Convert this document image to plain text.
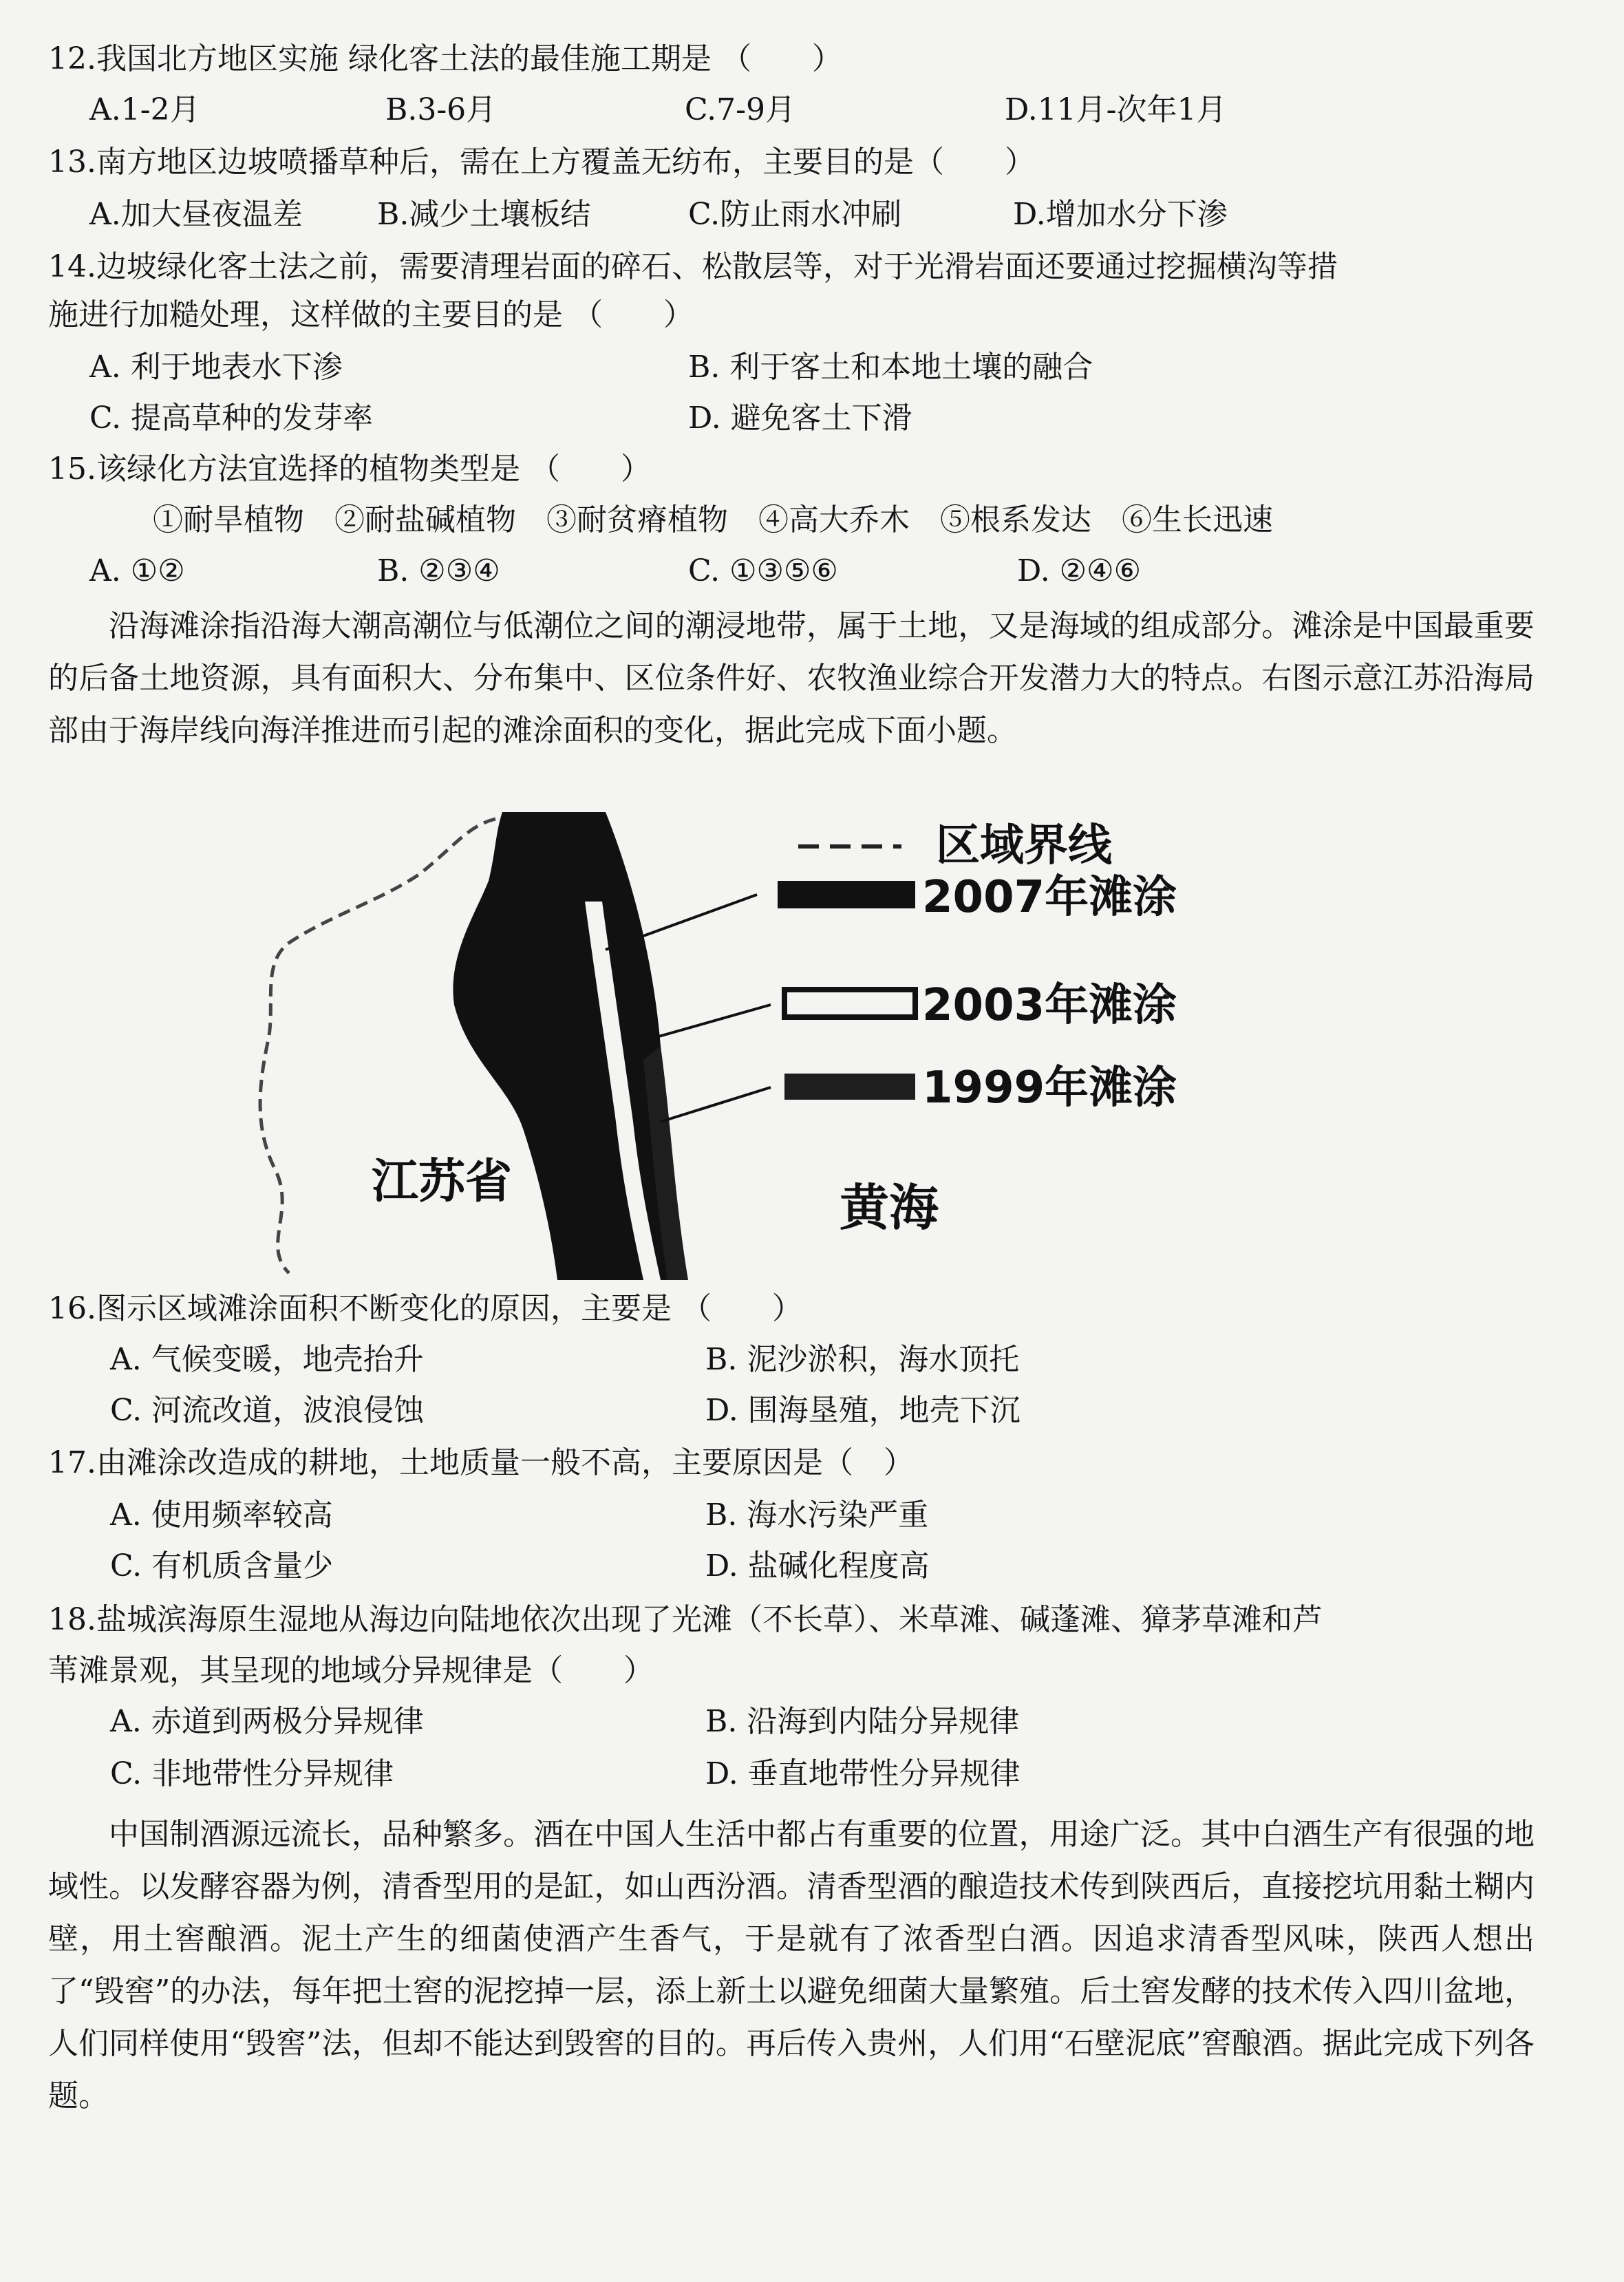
12.我国北方地区实施 绿化客土法的最佳施工期是 （　　）
A.1-2月	B.3-6月	C.7-9月	D.11月-次年1月
13.南方地区边坡喷播草种后，需在上方覆盖无纺布，主要目的是（　　）
A.加大昼夜温差 B.减少土壤板结	C.防止雨水冲刷	D.增加水分下渗
14.边坡绿化客土法之前，需要清理岩面的碎石、松散层等，对于光滑岩面还要通过挖掘横沟等措
施进行加糙处理，这样做的主要目的是 （　　）
A. 利于地表水下渗	B. 利于客土和本地土壤的融合
C. 提高草种的发芽率	D. 避免客土下滑
15.该绿化方法宜选择的植物类型是 （　　）
①耐旱植物　②耐盐碱植物　③耐贫瘠植物　④高大乔木　⑤根系发达　⑥生长迅速
A. ①②	B. ②③④	C. ①③⑤⑥	D. ②④⑥

沿海滩涂指沿海大潮高潮位与低潮位之间的潮浸地带，属于土地，又是海域的组成部分。滩涂是中国最重要的后备土地资源，具有面积大、分布集中、区位条件好、农牧渔业综合开发潜力大的特点。右图示意江苏沿海局部由于海岸线向海洋推进而引起的滩涂面积的变化，据此完成下面小题。

区域界线
2007年滩涂
2003年滩涂
1999年滩涂
江苏省	黄海
16.图示区域滩涂面积不断变化的原因，主要是 （　　）
A. 气候变暖，地壳抬升	B. 泥沙淤积，海水顶托
C. 河流改道，波浪侵蚀	D. 围海垦殖，地壳下沉
17.由滩涂改造成的耕地，土地质量一般不高，主要原因是（　）
A. 使用频率较高	B. 海水污染严重
C. 有机质含量少	D. 盐碱化程度高
18.盐城滨海原生湿地从海边向陆地依次出现了光滩（不长草）、米草滩、碱蓬滩、獐茅草滩和芦
苇滩景观，其呈现的地域分异规律是（　　）
A. 赤道到两极分异规律	B. 沿海到内陆分异规律
C. 非地带性分异规律	D. 垂直地带性分异规律

中国制酒源远流长，品种繁多。酒在中国人生活中都占有重要的位置，用途广泛。其中白酒生产有很强的地域性。以发酵容器为例，清香型用的是缸，如山西汾酒。清香型酒的酿造技术传到陕西后，直接挖坑用黏土糊内壁，用土窖酿酒。泥土产生的细菌使酒产生香气，于是就有了浓香型白酒。因追求清香型风味，陕西人想出了“毁窖”的办法，每年把土窖的泥挖掉一层，添上新土以避免细菌大量繁殖。后土窖发酵的技术传入四川盆地，人们同样使用“毁窖”法，但却不能达到毁窖的目的。再后传入贵州，人们用“石壁泥底”窖酿酒。据此完成下列各题。
